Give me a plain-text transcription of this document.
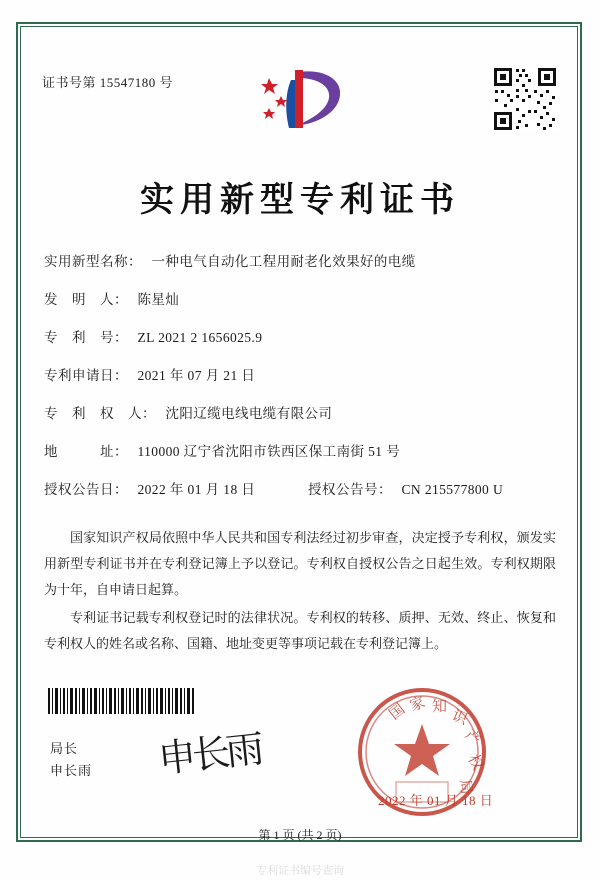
证书号第 15547180 号
实用新型专利证书
实用新型名称 ： 一种电气自动化工程用耐老化效果好的电缆
发　明　人 ： 陈星灿
专　利　号 ： ZL 2021 2 1656025.9
专利申请日 ： 2021 年 07 月 21 日
专　利　权　人 ： 沈阳辽缆电线电缆有限公司
地　　　址 ： 110000 辽宁省沈阳市铁西区保工南街 51 号
授权公告日 ： 2022 年 01 月 18 日	授权公告号 ： CN 215577800 U

国家知识产权局依照中华人民共和国专利法经过初步审查，决定授予专利权，颁发实用新型专利证书并在专利登记簿上予以登记。专利权自授权公告之日起生效。专利权期限为十年，自申请日起算。

专利证书记载专利权登记时的法律状况。专利权的转移、质押、无效、终止、恢复和专利权人的姓名或名称、国籍、地址变更等事项记载在专利登记簿上。

局长
申长雨 申长雨
国 家 知
识
产
权
局
2022 年 01 月 18 日
第 1 页 (共 2 页)
专利证书编号查询
